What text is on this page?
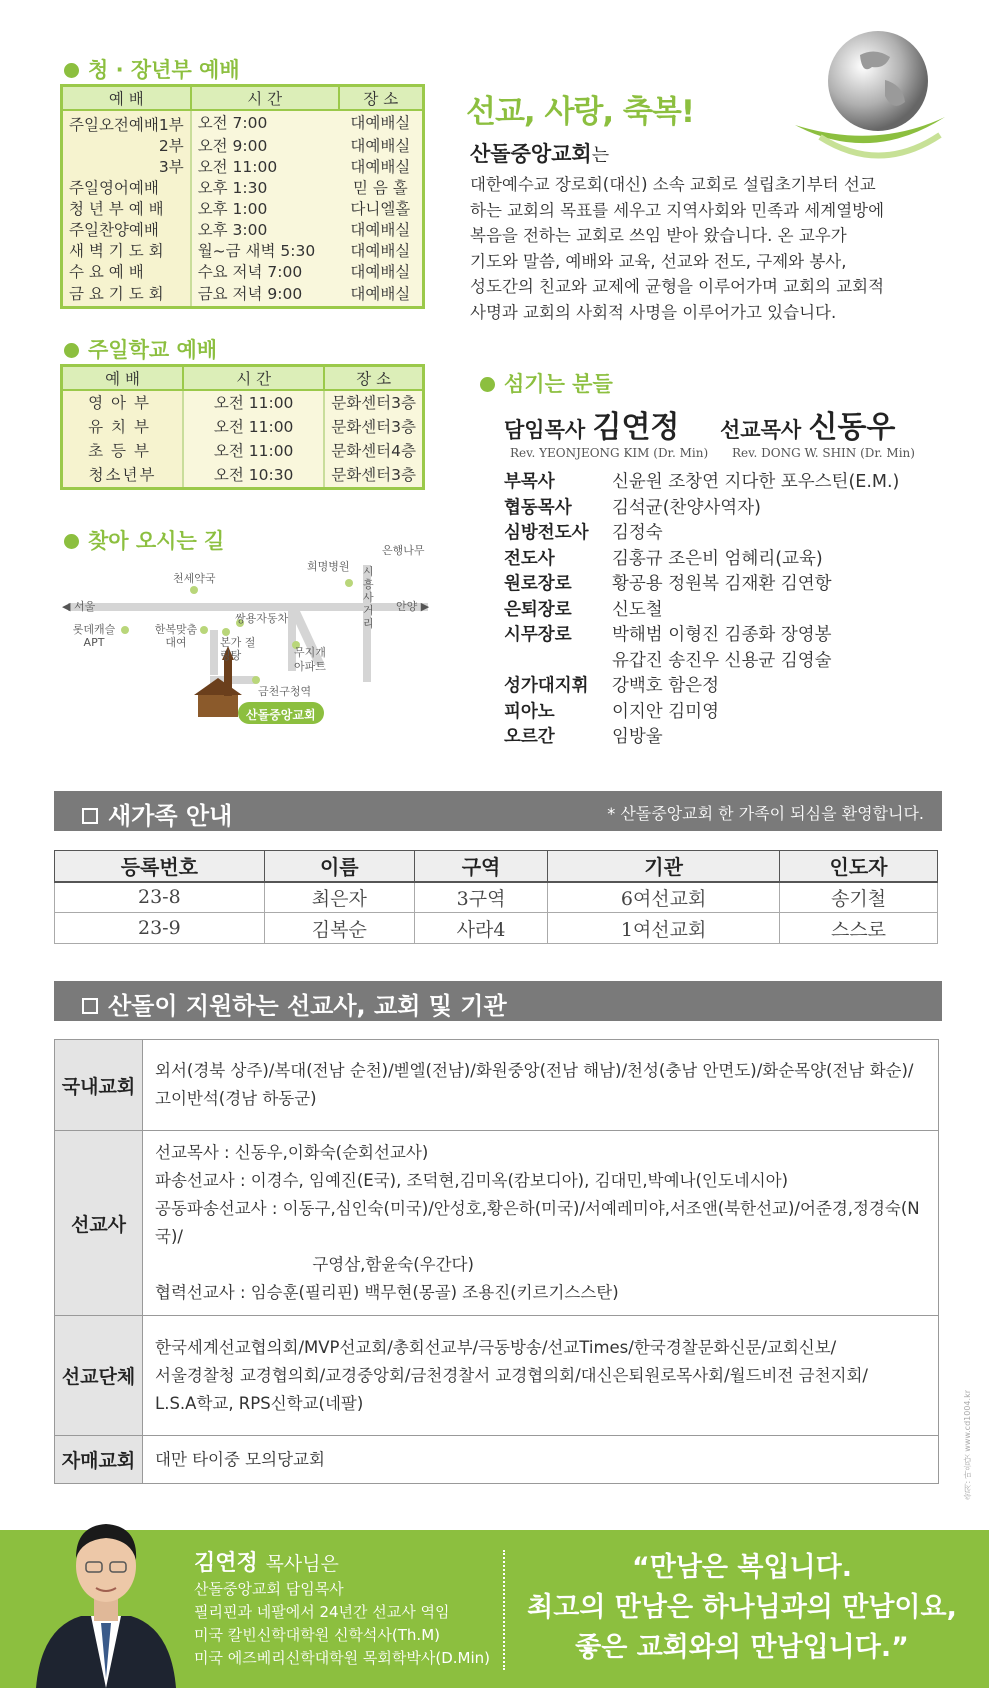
청 · 장년부 예배
예 배	시 간	장 소
주일오전예배1부	오전 7:00	대예배실
2부	오전 9:00	대예배실
3부	오전 11:00	대예배실
주일영어예배	오후 1:30	믿 음 홀
청 년 부 예 배	오후 1:00	다니엘홀
주일찬양예배	오후 3:00	대예배실
새 벽 기 도 회	월~금 새벽 5:30	대예배실
수 요 예 배	수요 저녁 7:00	대예배실
금 요 기 도 회	금요 저녁 9:00	대예배실
주일학교 예배
예 배	시 간	장 소
영아부	오전 11:00	문화센터3층
유치부	오전 11:00	문화센터3층
초등부	오전 11:00	문화센터4층
청소년부	오전 10:30	문화센터3층
찾아 오시는 길
◀ 서울	안양 ▶
천세약국
희명병원
은행나무
시흥사거리
롯데캐슬 APT
한복맞춤 대여
쌍용자동차
본가 절링탕	무지개 아파트
금천구청역
산돌중앙교회
선교, 사랑, 축복!
산돌중앙교회는
대한예수교 장로회(대신) 소속 교회로 설립초기부터 선교
하는 교회의 목표를 세우고 지역사회와 민족과 세계열방에
복음을 전하는 교회로 쓰임 받아 왔습니다. 온 교우가
기도와 말씀, 예배와 교육, 선교와 전도, 구제와 봉사,
성도간의 친교와 교제에 균형을 이루어가며 교회의 교회적
사명과 교회의 사회적 사명을 이루어가고 있습니다.
섬기는 분들
담임목사 김연정 선교목사 신동우
Rev. YEONJEONG KIM (Dr. Min) Rev. DONG W. SHIN (Dr. Min)
부목사	신윤원 조창연 지다한 포우스틴(E.M.)
협동목사 김석균(찬양사역자)
심방전도사 김정숙
전도사	김홍규 조은비 엄혜리(교육)
원로장로 황공용 정원복 김재환 김연항
은퇴장로 신도철
시무장로 박해범 이형진 김종화 장영봉
유갑진 송진우 신용균 김영술
성가대지휘 강백호 함은정
피아노	이지안 김미영
오르간	임방울
새가족 안내	* 산돌중앙교회 한 가족이 되심을 환영합니다.
등록번호	이름	구역	기관	인도자
23-8	최은자	3구역	6여선교회	송기철
23-9	김복순	사라4	1여선교회	스스로
산돌이 지원하는 선교사, 교회 및 기관
국내교회	외서(경북 상주)/복대(전남 순천)/벧엘(전남)/화원중앙(전남 해남)/천성(충남 안면도)/화순목양(전남 화순)/
고이반석(경남 하동군)

선교사	선교목사 : 신동우,이화숙(순회선교사)
파송선교사 : 이경수, 임예진(E국), 조덕현,김미옥(캄보디아), 김대민,박예나(인도네시아)
공동파송선교사 : 이동구,심인숙(미국)/안성호,황은하(미국)/서예레미야,서조앤(북한선교)/어준경,정경숙(N국)/
구영삼,함윤숙(우간다)
협력선교사 : 임승훈(필리핀) 백무현(몽골) 조용진(키르기스스탄)

선교단체	한국세계선교협의회/MVP선교회/총회선교부/극동방송/선교Times/한국경찰문화신문/교회신보/
서울경찰청 교경협의회/교경중앙회/금천경찰서 교경협의회/대신은퇴원로목사회/월드비전 금천지회/
L.S.A학교, RPS신학교(네팔)

자매교회	대만 타이중 모의당교회	출처: 마음닷 www.cd1004.kr
김연정 목사님은
산돌중앙교회 담임목사
필리핀과 네팔에서 24년간 선교사 역임
미국 칼빈신학대학원 신학석사(Th.M)
미국 에즈베리신학대학원 목회학박사(D.Min)
“만남은 복입니다.
최고의 만남은 하나님과의 만남이요,
좋은 교회와의 만남입니다.”
